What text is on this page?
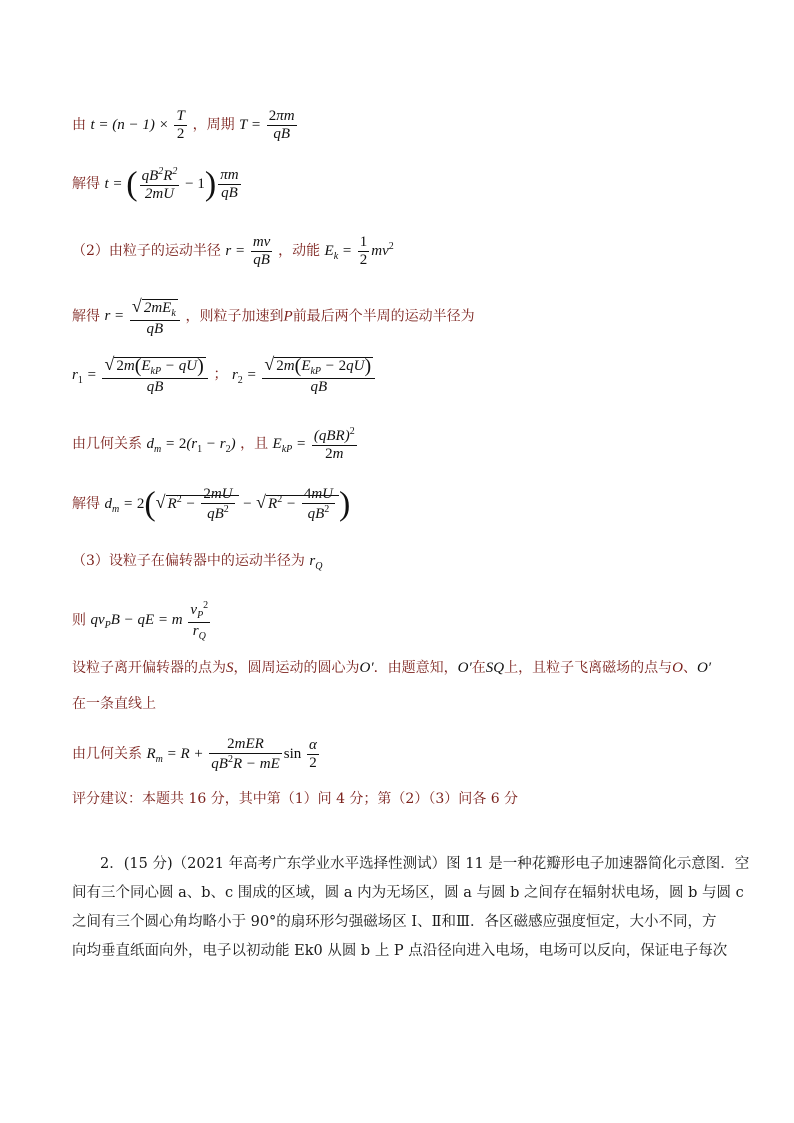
由 $t = (n - 1) \times \frac{T}{2}$ ，周期 $T = \frac{2\pi m}{qB}$
解得 t = ( $\frac{qB^2R^2}{2mU} - 1) \frac{\pi m}{qB}$
（2）由粒子的运动半径 $r = \frac{mv}{qB}$ ，动能 $E_k = \frac{1}{2} mv^2$
解得 $r = \frac{√ 2mE_k}{qB}$ ，则粒子加速到P前最后两个半周的运动半径为
$r_1 = \frac{√ 2m(E_{kP} - qU)}{qB}$ ； $r_2 = \frac{√ 2m(E_{kP} - 2qU)}{qB}$
由几何关系 $d_m = 2(r_1 - r_2)$ ，且 $E_{kP} = \frac{(qBR)^2}{2m}$
解得 $d_m = 2(√$ $R^2 - \frac{2mU}{qB^2}$ − √ $R^2 - \frac{4mU}{qB^2}$ )
（3）设粒子在偏转器中的运动半径为 $r_Q$
则 $qv_PB$ − qE = m $\frac{v_P^2}{r_Q}$
设粒子离开偏转器的点为S，圆周运动的圆心为O′．由题意知，O′在SQ上，且粒子飞离磁场的点与O、O′
在一条直线上
由几何关系 $R_m = R + \frac{\text{2mER}}{qB^2R - mE}$ $\sin \frac{\alpha}{2}$
评分建议：本题共 16 分，其中第（1）问 4 分；第（2）（3）问各 6 分
2．(15 分)（2021 年高考广东学业水平选择性测试）图 11 是一种花瓣形电子加速器简化示意图．空
间有三个同心圆 a、b、c 围成的区域，圆 a 内为无场区，圆 a 与圆 b 之间存在辐射状电场，圆 b 与圆 c
之间有三个圆心角均略小于 90°的扇环形匀强磁场区 Ⅰ、Ⅱ和Ⅲ．各区磁感应强度恒定，大小不同，方
向均垂直纸面向外，电子以初动能 Ek0 从圆 b 上 P 点沿径向进入电场，电场可以反向，保证电子每次
